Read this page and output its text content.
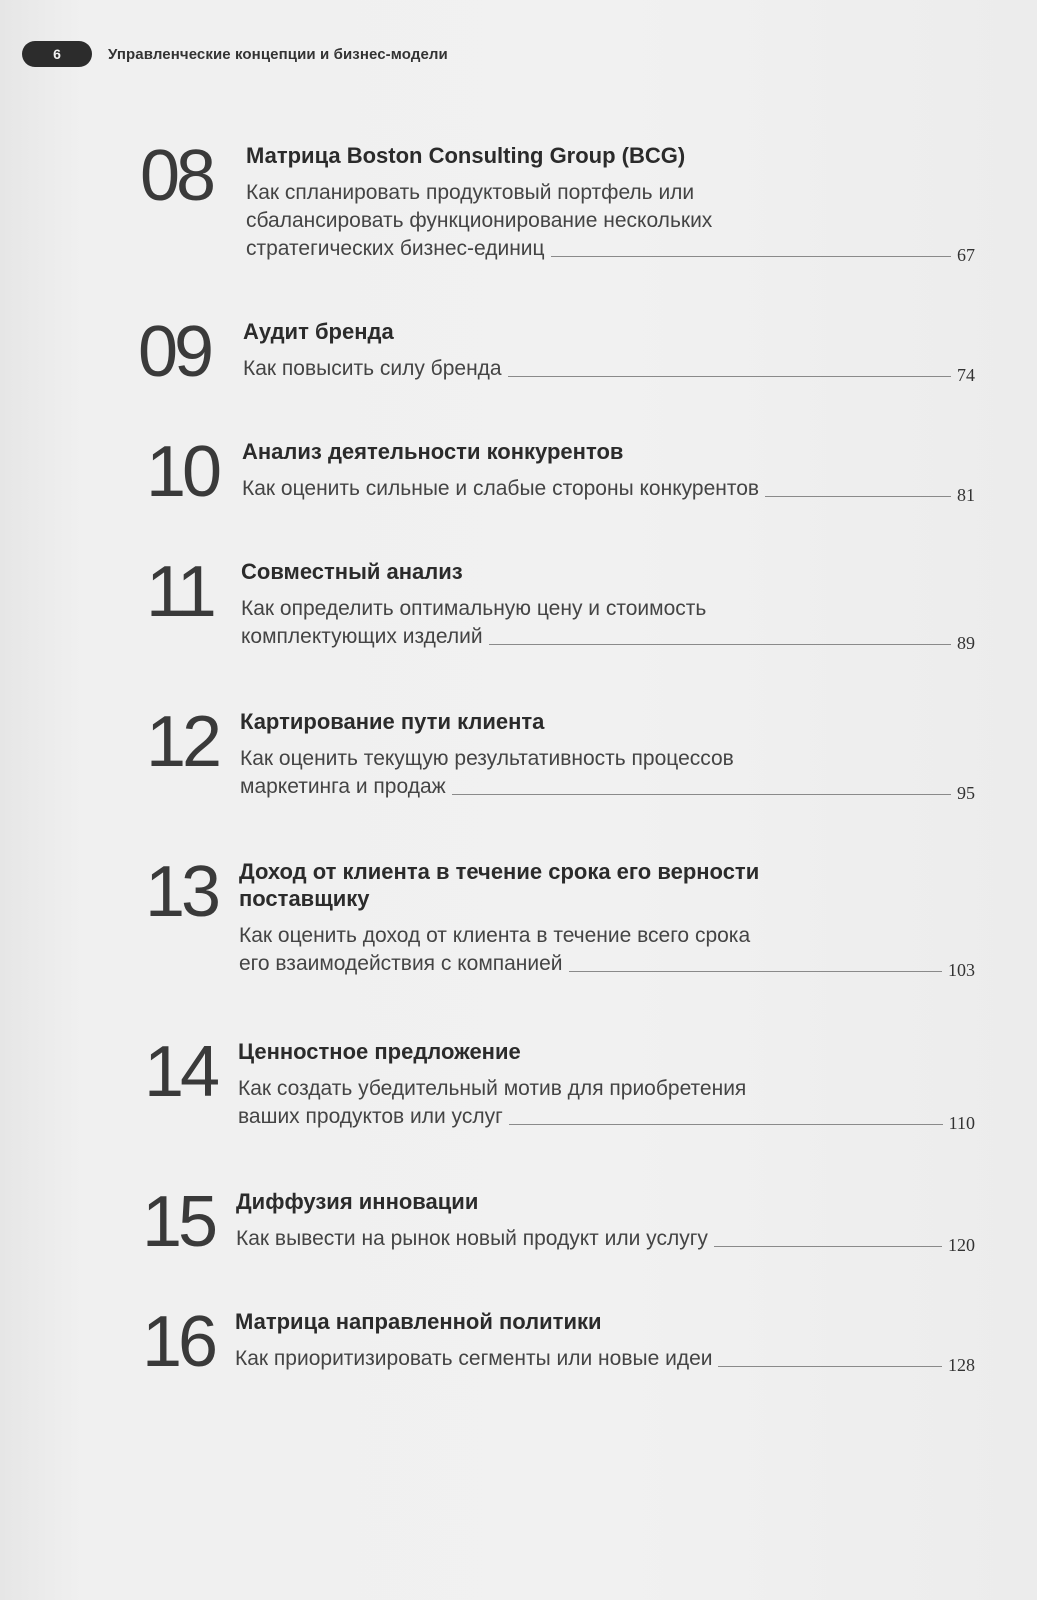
6	Управленческие концепции и бизнес-модели
08 Матрица Boston Consulting Group (BCG)
Как спланировать продуктовый портфель или
сбалансировать функционирование нескольких
стратегических бизнес-единиц	67
09 Аудит бренда
Как повысить силу бренда	74
10 Анализ деятельности конкурентов
Как оценить сильные и слабые стороны конкурентов	81
11 Совместный анализ
Как определить оптимальную цену и стоимость
комплектующих изделий	89
12 Картирование пути клиента
Как оценить текущую результативность процессов
маркетинга и продаж	95
13 Доход от клиента в течение срока его верности поставщику
Как оценить доход от клиента в течение всего срока
его взаимодействия с компанией	103
14 Ценностное предложение
Как создать убедительный мотив для приобретения
ваших продуктов или услуг	110
15 Диффузия инновации
Как вывести на рынок новый продукт или услугу	120
16 Матрица направленной политики
Как приоритизировать сегменты или новые идеи	128
